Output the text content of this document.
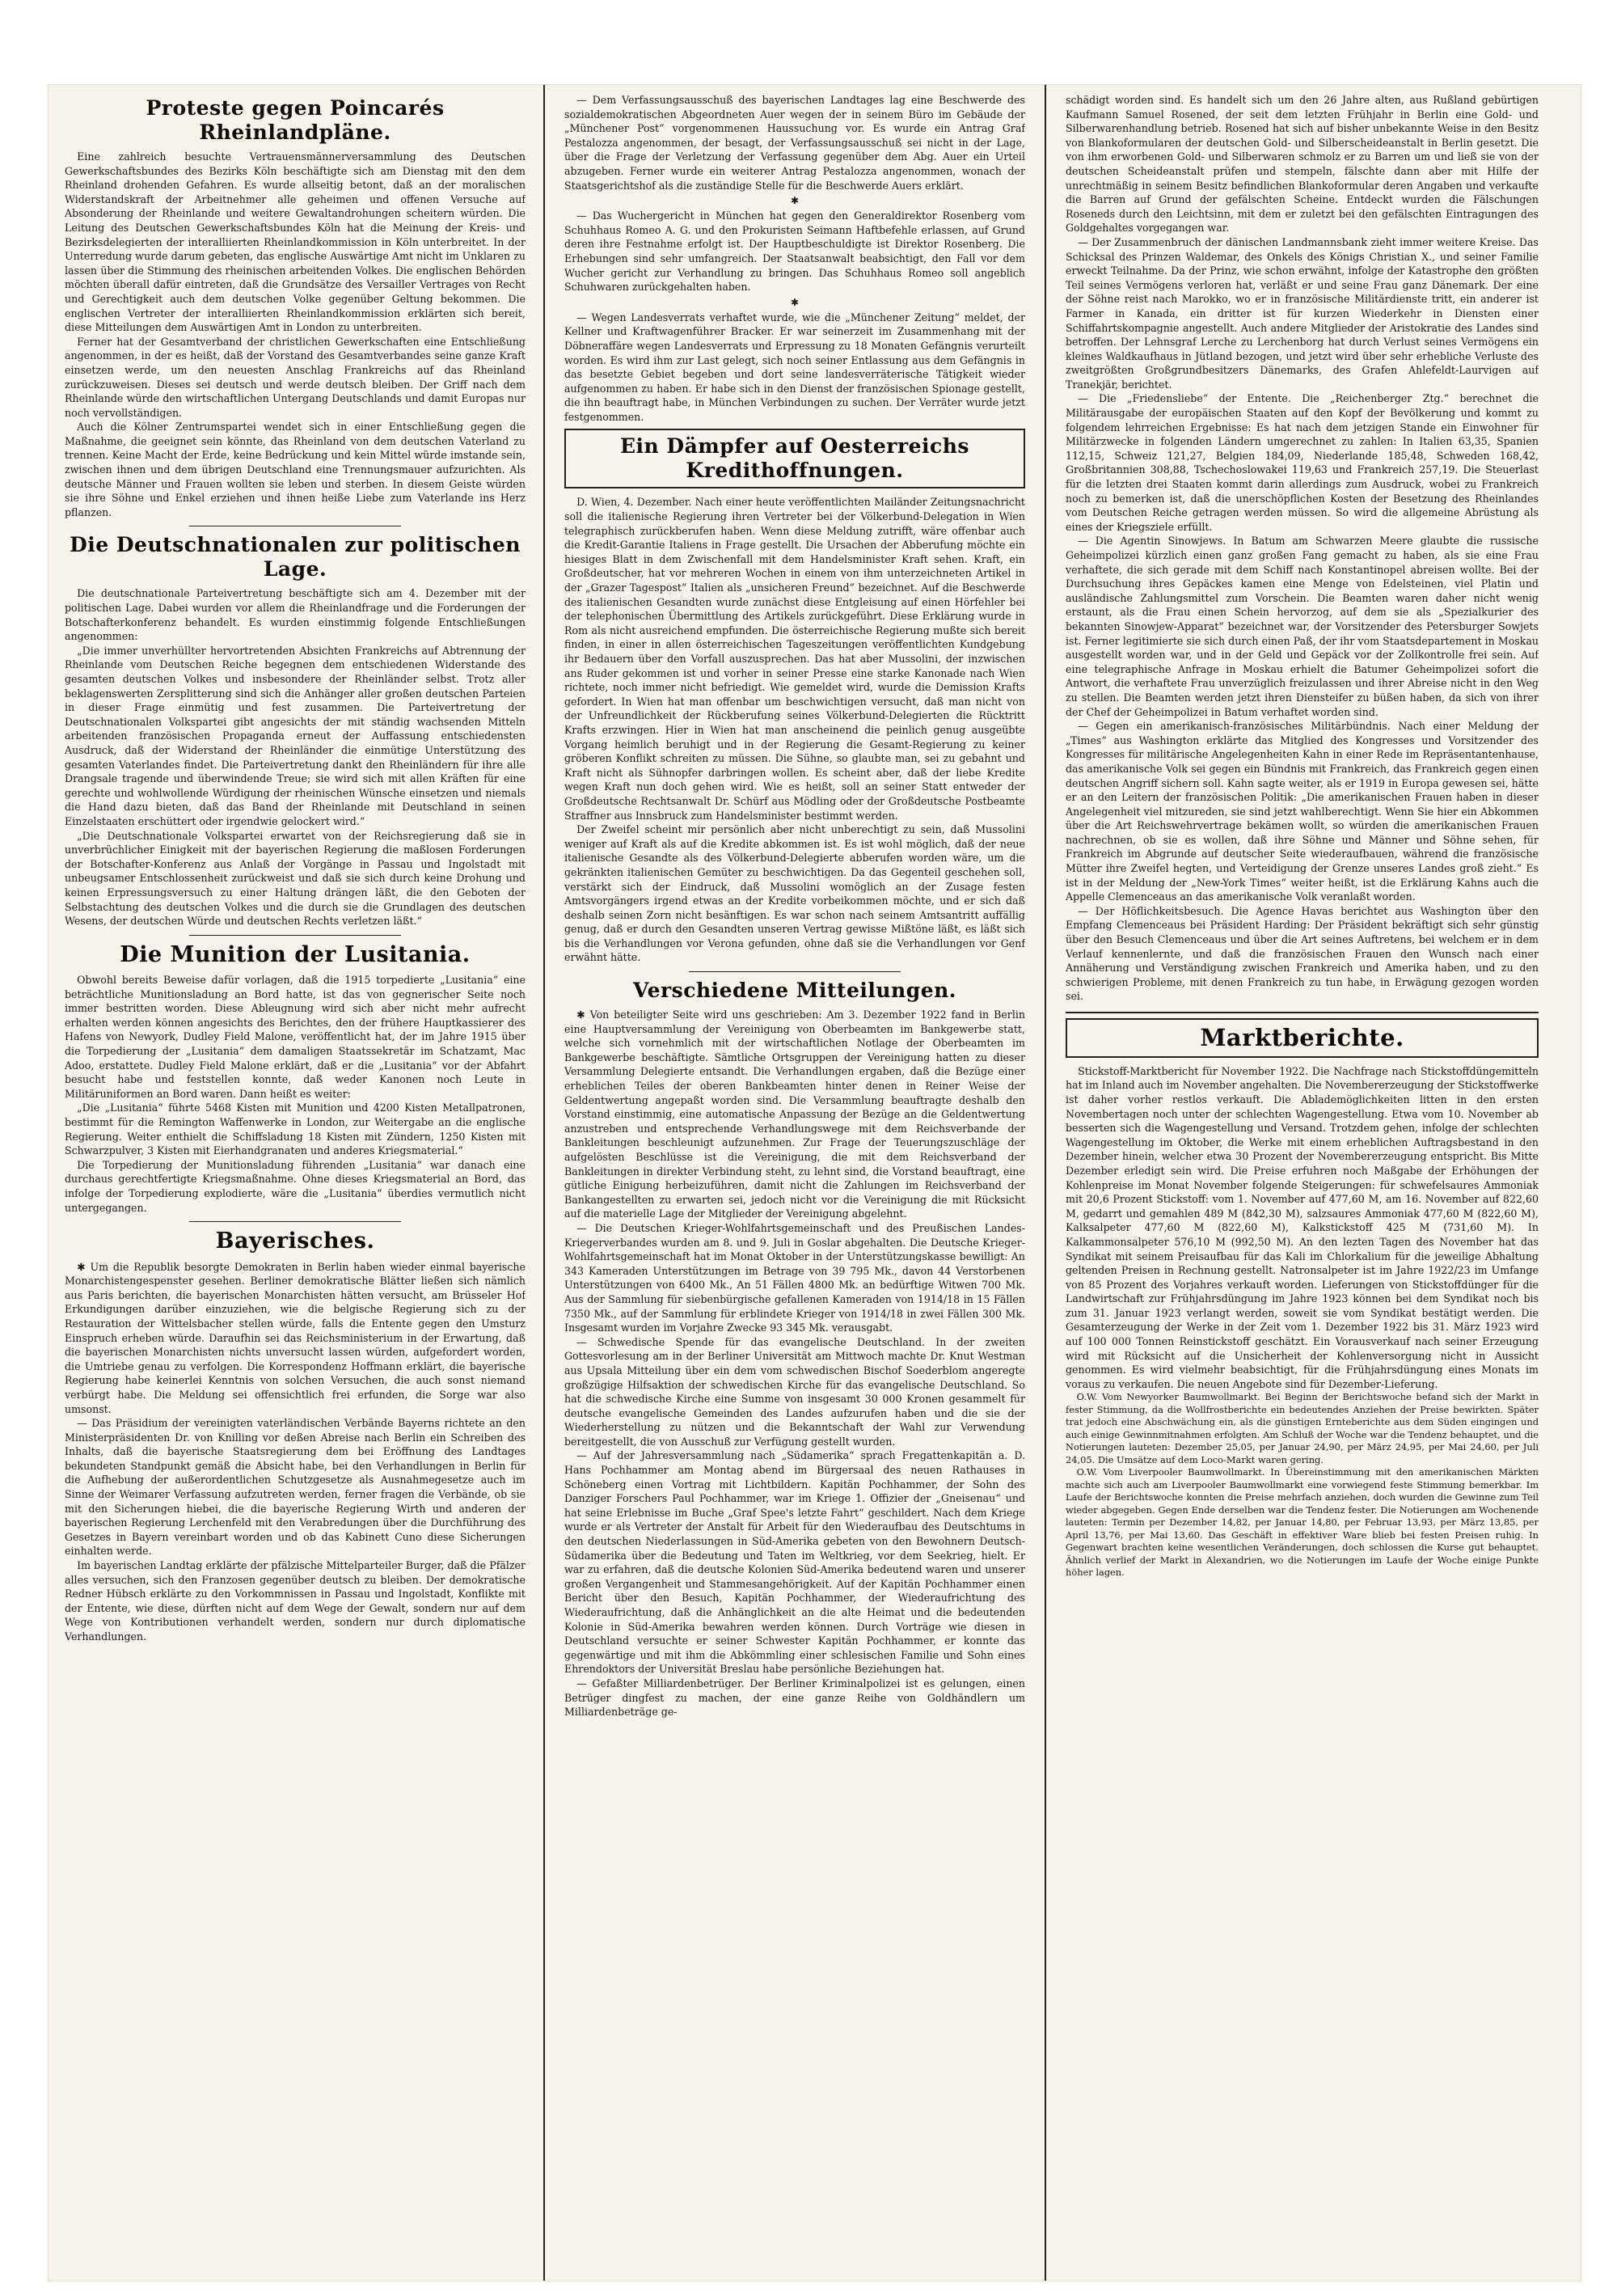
Proteste gegen Poincarés Rheinlandpläne.

Eine zahlreich besuchte Vertrauensmännerversammlung des Deutschen Gewerkschaftsbundes des Bezirks Köln beschäftigte sich am Dienstag mit den dem Rheinland drohenden Gefahren. Es wurde allseitig betont, daß an der moralischen Widerstandskraft der Arbeitnehmer alle geheimen und offenen Versuche auf Absonderung der Rheinlande und weitere Gewaltandrohungen scheitern würden. Die Leitung des Deutschen Gewerkschaftsbundes Köln hat die Meinung der Kreis- und Bezirksdelegierten der interalliierten Rheinlandkommission in Köln unterbreitet. In der Unterredung wurde darum gebeten, das englische Auswärtige Amt nicht im Unklaren zu lassen über die Stimmung des rheinischen arbeitenden Volkes. Die englischen Behörden möchten überall dafür eintreten, daß die Grundsätze des Versailler Vertrages von Recht und Gerechtigkeit auch dem deutschen Volke gegenüber Geltung bekommen. Die englischen Vertreter der interalliierten Rheinlandkommission erklärten sich bereit, diese Mitteilungen dem Auswärtigen Amt in London zu unterbreiten.

Ferner hat der Gesamtverband der christlichen Gewerkschaften eine Entschließung angenommen, in der es heißt, daß der Vorstand des Gesamtverbandes seine ganze Kraft einsetzen werde, um den neuesten Anschlag Frankreichs auf das Rheinland zurückzuweisen. Dieses sei deutsch und werde deutsch bleiben. Der Griff nach dem Rheinlande würde den wirtschaftlichen Untergang Deutschlands und damit Europas nur noch vervollständigen.

Auch die Kölner Zentrumspartei wendet sich in einer Entschließung gegen die Maßnahme, die geeignet sein könnte, das Rheinland von dem deutschen Vaterland zu trennen. Keine Macht der Erde, keine Bedrückung und kein Mittel würde imstande sein, zwischen ihnen und dem übrigen Deutschland eine Trennungsmauer aufzurichten. Als deutsche Männer und Frauen wollten sie leben und sterben. In diesem Geiste würden sie ihre Söhne und Enkel erziehen und ihnen heiße Liebe zum Vaterlande ins Herz pflanzen.

Die Deutschnationalen zur politischen Lage.

Die deutschnationale Parteivertretung beschäftigte sich am 4. Dezember mit der politischen Lage. Dabei wurden vor allem die Rheinlandfrage und die Forderungen der Botschafterkonferenz behandelt. Es wurden einstimmig folgende Entschließungen angenommen:

„Die immer unverhüllter hervortretenden Absichten Frankreichs auf Abtrennung der Rheinlande vom Deutschen Reiche begegnen dem entschiedenen Widerstande des gesamten deutschen Volkes und insbesondere der Rheinländer selbst. Trotz aller beklagenswerten Zersplitterung sind sich die Anhänger aller großen deutschen Parteien in dieser Frage einmütig und fest zusammen. Die Parteivertretung der Deutschnationalen Volkspartei gibt angesichts der mit ständig wachsenden Mitteln arbeitenden französischen Propaganda erneut der Auffassung entschiedensten Ausdruck, daß der Widerstand der Rheinländer die einmütige Unterstützung des gesamten Vaterlandes findet. Die Parteivertretung dankt den Rheinländern für ihre alle Drangsale tragende und überwindende Treue; sie wird sich mit allen Kräften für eine gerechte und wohlwollende Würdigung der rheinischen Wünsche einsetzen und niemals die Hand dazu bieten, daß das Band der Rheinlande mit Deutschland in seinen Einzelstaaten erschüttert oder irgendwie gelockert wird.“

„Die Deutschnationale Volkspartei erwartet von der Reichsregierung daß sie in unverbrüchlicher Einigkeit mit der bayerischen Regierung die maßlosen Forderungen der Botschafter-Konferenz aus Anlaß der Vorgänge in Passau und Ingolstadt mit unbeugsamer Entschlossenheit zurückweist und daß sie sich durch keine Drohung und keinen Erpressungsversuch zu einer Haltung drängen läßt, die den Geboten der Selbstachtung des deutschen Volkes und die durch sie die Grundlagen des deutschen Wesens, der deutschen Würde und deutschen Rechts verletzen läßt.“

Die Munition der Lusitania.

Obwohl bereits Beweise dafür vorlagen, daß die 1915 torpedierte „Lusitania“ eine beträchtliche Munitionsladung an Bord hatte, ist das von gegnerischer Seite noch immer bestritten worden. Diese Ableugnung wird sich aber nicht mehr aufrecht erhalten werden können angesichts des Berichtes, den der frühere Hauptkassierer des Hafens von Newyork, Dudley Field Malone, veröffentlicht hat, der im Jahre 1915 über die Torpedierung der „Lusitania“ dem damaligen Staatssekretär im Schatzamt, Mac Adoo, erstattete. Dudley Field Malone erklärt, daß er die „Lusitania“ vor der Abfahrt besucht habe und feststellen konnte, daß weder Kanonen noch Leute in Militäruniformen an Bord waren. Dann heißt es weiter:

„Die „Lusitania“ führte 5468 Kisten mit Munition und 4200 Kisten Metallpatronen, bestimmt für die Remington Waffenwerke in London, zur Weitergabe an die englische Regierung. Weiter enthielt die Schiffsladung 18 Kisten mit Zündern, 1250 Kisten mit Schwarzpulver, 3 Kisten mit Eierhandgranaten und anderes Kriegsmaterial.“

Die Torpedierung der Munitionsladung führenden „Lusitania“ war danach eine durchaus gerechtfertigte Kriegsmaßnahme. Ohne dieses Kriegsmaterial an Bord, das infolge der Torpedierung explodierte, wäre die „Lusitania“ überdies vermutlich nicht untergegangen.

Bayerisches.

✱ Um die Republik besorgte Demokraten in Berlin haben wieder einmal bayerische Monarchistengespenster gesehen. Berliner demokratische Blätter ließen sich nämlich aus Paris berichten, die bayerischen Monarchisten hätten versucht, am Brüsseler Hof Erkundigungen darüber einzuziehen, wie die belgische Regierung sich zu der Restauration der Wittelsbacher stellen würde, falls die Entente gegen den Umsturz Einspruch erheben würde. Daraufhin sei das Reichsministerium in der Erwartung, daß die bayerischen Monarchisten nichts unversucht lassen würden, aufgefordert worden, die Umtriebe genau zu verfolgen. Die Korrespondenz Hoffmann erklärt, die bayerische Regierung habe keinerlei Kenntnis von solchen Versuchen, die auch sonst niemand verbürgt habe. Die Meldung sei offensichtlich frei erfunden, die Sorge war also umsonst.

— Das Präsidium der vereinigten vaterländischen Verbände Bayerns richtete an den Ministerpräsidenten Dr. von Knilling vor deßen Abreise nach Berlin ein Schreiben des Inhalts, daß die bayerische Staatsregierung dem bei Eröffnung des Landtages bekundeten Standpunkt gemäß die Absicht habe, bei den Verhandlungen in Berlin für die Aufhebung der außerordentlichen Schutzgesetze als Ausnahmegesetze auch im Sinne der Weimarer Verfassung aufzutreten werden, ferner fragen die Verbände, ob sie mit den Sicherungen hiebei, die die bayerische Regierung Wirth und anderen der bayerischen Regierung Lerchenfeld mit den Verabredungen über die Durchführung des Gesetzes in Bayern vereinbart worden und ob das Kabinett Cuno diese Sicherungen einhalten werde.

Im bayerischen Landtag erklärte der pfälzische Mittelparteiler Burger, daß die Pfälzer alles versuchen, sich den Franzosen gegenüber deutsch zu bleiben. Der demokratische Redner Hübsch erklärte zu den Vorkommnissen in Passau und Ingolstadt, Konflikte mit der Entente, wie diese, dürften nicht auf dem Wege der Gewalt, sondern nur auf dem Wege von Kontributionen verhandelt werden, sondern nur durch diplomatische Verhandlungen.

— Dem Verfassungsausschuß des bayerischen Landtages lag eine Beschwerde des sozialdemokratischen Abgeordneten Auer wegen der in seinem Büro im Gebäude der „Münchener Post“ vorgenommenen Haussuchung vor. Es wurde ein Antrag Graf Pestalozza angenommen, der besagt, der Verfassungsausschuß sei nicht in der Lage, über die Frage der Verletzung der Verfassung gegenüber dem Abg. Auer ein Urteil abzugeben. Ferner wurde ein weiterer Antrag Pestalozza angenommen, wonach der Staatsgerichtshof als die zuständige Stelle für die Beschwerde Auers erklärt.

✱

— Das Wuchergericht in München hat gegen den Generaldirektor Rosenberg vom Schuhhaus Romeo A. G. und den Prokuristen Seimann Haftbefehle erlassen, auf Grund deren ihre Festnahme erfolgt ist. Der Hauptbeschuldigte ist Direktor Rosenberg. Die Erhebungen sind sehr umfangreich. Der Staatsanwalt beabsichtigt, den Fall vor dem Wucher gericht zur Verhandlung zu bringen. Das Schuhhaus Romeo soll angeblich Schuhwaren zurückgehalten haben.

✱

— Wegen Landesverrats verhaftet wurde, wie die „Münchener Zeitung“ meldet, der Kellner und Kraftwagenführer Bracker. Er war seinerzeit im Zusammenhang mit der Döbneraffäre wegen Landesverrats und Erpressung zu 18 Monaten Gefängnis verurteilt worden. Es wird ihm zur Last gelegt, sich noch seiner Entlassung aus dem Gefängnis in das besetzte Gebiet begeben und dort seine landesverräterische Tätigkeit wieder aufgenommen zu haben. Er habe sich in den Dienst der französischen Spionage gestellt, die ihn beauftragt habe, in München Verbindungen zu suchen. Der Verräter wurde jetzt festgenommen.

Ein Dämpfer auf Oesterreichs Kredithoffnungen.

D. Wien, 4. Dezember. Nach einer heute veröffentlichten Mailänder Zeitungsnachricht soll die italienische Regierung ihren Vertreter bei der Völkerbund-Delegation in Wien telegraphisch zurückberufen haben. Wenn diese Meldung zutrifft, wäre offenbar auch die Kredit-Garantie Italiens in Frage gestellt. Die Ursachen der Abberufung möchte ein hiesiges Blatt in dem Zwischenfall mit dem Handelsminister Kraft sehen. Kraft, ein Großdeutscher, hat vor mehreren Wochen in einem von ihm unterzeichneten Artikel in der „Grazer Tagespost“ Italien als „unsicheren Freund“ bezeichnet. Auf die Beschwerde des italienischen Gesandten wurde zunächst diese Entgleisung auf einen Hörfehler bei der telephonischen Übermittlung des Artikels zurückgeführt. Diese Erklärung wurde in Rom als nicht ausreichend empfunden. Die österreichische Regierung mußte sich bereit finden, in einer in allen österreichischen Tageszeitungen veröffentlichten Kundgebung ihr Bedauern über den Vorfall auszusprechen. Das hat aber Mussolini, der inzwischen ans Ruder gekommen ist und vorher in seiner Presse eine starke Kanonade nach Wien richtete, noch immer nicht befriedigt. Wie gemeldet wird, wurde die Demission Krafts gefordert. In Wien hat man offenbar um beschwichtigen versucht, daß man nicht von der Unfreundlichkeit der Rückberufung seines Völkerbund-Delegierten die Rücktritt Krafts erzwingen. Hier in Wien hat man anscheinend die peinlich genug ausgeübte Vorgang heimlich beruhigt und in der Regierung die Gesamt-Regierung zu keiner gröberen Konflikt schreiten zu müssen. Die Sühne, so glaubte man, sei zu gebahnt und Kraft nicht als Sühnopfer darbringen wollen. Es scheint aber, daß der liebe Kredite wegen Kraft nun doch gehen wird. Wie es heißt, soll an seiner Statt entweder der Großdeutsche Rechtsanwalt Dr. Schürf aus Mödling oder der Großdeutsche Postbeamte Straffner aus Innsbruck zum Handelsminister bestimmt werden.

Der Zweifel scheint mir persönlich aber nicht unberechtigt zu sein, daß Mussolini weniger auf Kraft als auf die Kredite abkommen ist. Es ist wohl möglich, daß der neue italienische Gesandte als des Völkerbund-Delegierte abberufen worden wäre, um die gekränkten italienischen Gemüter zu beschwichtigen. Da das Gegenteil geschehen soll, verstärkt sich der Eindruck, daß Mussolini womöglich an der Zusage festen Amtsvorgängers irgend etwas an der Kredite vorbeikommen möchte, und er sich daß deshalb seinen Zorn nicht besänftigen. Es war schon nach seinem Amtsantritt auffällig genug, daß er durch den Gesandten unseren Vertrag gewisse Mißtöne läßt, es läßt sich bis die Verhandlungen vor Verona gefunden, ohne daß sie die Verhandlungen vor Genf erwähnt hätte.

Verschiedene Mitteilungen.

✱ Von beteiligter Seite wird uns geschrieben: Am 3. Dezember 1922 fand in Berlin eine Hauptversammlung der Vereinigung von Oberbeamten im Bankgewerbe statt, welche sich vornehmlich mit der wirtschaftlichen Notlage der Oberbeamten im Bankgewerbe beschäftigte. Sämtliche Ortsgruppen der Vereinigung hatten zu dieser Versammlung Delegierte entsandt. Die Verhandlungen ergaben, daß die Bezüge einer erheblichen Teiles der oberen Bankbeamten hinter denen in Reiner Weise der Geldentwertung angepaßt worden sind. Die Versammlung beauftragte deshalb den Vorstand einstimmig, eine automatische Anpassung der Bezüge an die Geldentwertung anzustreben und entsprechende Verhandlungswege mit dem Reichsverbande der Bankleitungen beschleunigt aufzunehmen. Zur Frage der Teuerungszuschläge der aufgelösten Beschlüsse ist die Vereinigung, die mit dem Reichsverband der Bankleitungen in direkter Verbindung steht, zu lehnt sind, die Vorstand beauftragt, eine gütliche Einigung herbeizuführen, damit nicht die Zahlungen im Reichsverband der Bankangestellten zu erwarten sei, jedoch nicht vor die Vereinigung die mit Rücksicht auf die materielle Lage der Mitglieder der Vereinigung abgelehnt.

— Die Deutschen Krieger-Wohlfahrtsgemeinschaft und des Preußischen Landes-Kriegerverbandes wurden am 8. und 9. Juli in Goslar abgehalten. Die Deutsche Krieger-Wohlfahrtsgemeinschaft hat im Monat Oktober in der Unterstützungskasse bewilligt: An 343 Kameraden Unterstützungen im Betrage von 39 795 Mk., davon 44 Verstorbenen Unterstützungen von 6400 Mk., An 51 Fällen 4800 Mk. an bedürftige Witwen 700 Mk. Aus der Sammlung für siebenbürgische gefallenen Kameraden von 1914/18 in 15 Fällen 7350 Mk., auf der Sammlung für erblindete Krieger von 1914/18 in zwei Fällen 300 Mk. Insgesamt wurden im Vorjahre Zwecke 93 345 Mk. verausgabt.

— Schwedische Spende für das evangelische Deutschland. In der zweiten Gottesvorlesung am in der Berliner Universität am Mittwoch machte Dr. Knut Westman aus Upsala Mitteilung über ein dem vom schwedischen Bischof Soederblom angeregte großzügige Hilfsaktion der schwedischen Kirche für das evangelische Deutschland. So hat die schwedische Kirche eine Summe von insgesamt 30 000 Kronen gesammelt für deutsche evangelische Gemeinden des Landes aufzurufen haben und die sie der Wiederherstellung zu nützen und die Bekanntschaft der Wahl zur Verwendung bereitgestellt, die von Ausschuß zur Verfügung gestellt wurden.

— Auf der Jahresversammlung nach „Südamerika“ sprach Fregattenkapitän a. D. Hans Pochhammer am Montag abend im Bürgersaal des neuen Rathauses in Schöneberg einen Vortrag mit Lichtbildern. Kapitän Pochhammer, der Sohn des Danziger Forschers Paul Pochhammer, war im Kriege 1. Offizier der „Gneisenau“ und hat seine Erlebnisse im Buche „Graf Spee's letzte Fahrt“ geschildert. Nach dem Kriege wurde er als Vertreter der Anstalt für Arbeit für den Wiederaufbau des Deutschtums in den deutschen Niederlassungen in Süd-Amerika gebeten von den Bewohnern Deutsch-Südamerika über die Bedeutung und Taten im Weltkrieg, vor dem Seekrieg, hielt. Er war zu erfahren, daß die deutsche Kolonien Süd-Amerika bedeutend waren und unserer großen Vergangenheit und Stammesangehörigkeit. Auf der Kapitän Pochhammer einen Bericht über den Besuch, Kapitän Pochhammer, der Wiederaufrichtung des Wiederaufrichtung, daß die Anhänglichkeit an die alte Heimat und die bedeutenden Kolonie in Süd-Amerika bewahren werden können. Durch Vorträge wie diesen in Deutschland versuchte er seiner Schwester Kapitän Pochhammer, er konnte das gegenwärtige und mit ihm die Abkömmling einer schlesischen Familie und Sohn eines Ehrendoktors der Universität Breslau habe persönliche Beziehungen hat.

— Gefaßter Milliardenbetrüger. Der Berliner Kriminalpolizei ist es gelungen, einen Betrüger dingfest zu machen, der eine ganze Reihe von Goldhändlern um Milliardenbeträge ge-

schädigt worden sind. Es handelt sich um den 26 Jahre alten, aus Rußland gebürtigen Kaufmann Samuel Rosened, der seit dem letzten Frühjahr in Berlin eine Gold- und Silberwarenhandlung betrieb. Rosened hat sich auf bisher unbekannte Weise in den Besitz von Blankoformularen der deutschen Gold- und Silberscheideanstalt in Berlin gesetzt. Die von ihm erworbenen Gold- und Silberwaren schmolz er zu Barren um und ließ sie von der deutschen Scheideanstalt prüfen und stempeln, fälschte dann aber mit Hilfe der unrechtmäßig in seinem Besitz befindlichen Blankoformular deren Angaben und verkaufte die Barren auf Grund der gefälschten Scheine. Entdeckt wurden die Fälschungen Roseneds durch den Leichtsinn, mit dem er zuletzt bei den gefälschten Eintragungen des Goldgehaltes vorgegangen war.

— Der Zusammenbruch der dänischen Landmannsbank zieht immer weitere Kreise. Das Schicksal des Prinzen Waldemar, des Onkels des Königs Christian X., und seiner Familie erweckt Teilnahme. Da der Prinz, wie schon erwähnt, infolge der Katastrophe den größten Teil seines Vermögens verloren hat, verläßt er und seine Frau ganz Dänemark. Der eine der Söhne reist nach Marokko, wo er in französische Militärdienste tritt, ein anderer ist Farmer in Kanada, ein dritter ist für kurzen Wiederkehr in Diensten einer Schiffahrtskompagnie angestellt. Auch andere Mitglieder der Aristokratie des Landes sind betroffen. Der Lehnsgraf Lerche zu Lerchenborg hat durch Verlust seines Vermögens ein kleines Waldkaufhaus in Jütland bezogen, und jetzt wird über sehr erhebliche Verluste des zweitgrößten Großgrundbesitzers Dänemarks, des Grafen Ahlefeldt-Laurvigen auf Tranekjär, berichtet.

— Die „Friedensliebe“ der Entente. Die „Reichenberger Ztg.“ berechnet die Militärausgabe der europäischen Staaten auf den Kopf der Bevölkerung und kommt zu folgendem lehrreichen Ergebnisse: Es hat nach dem jetzigen Stande ein Einwohner für Militärzwecke in folgenden Ländern umgerechnet zu zahlen: In Italien 63,35, Spanien 112,15, Schweiz 121,27, Belgien 184,09, Niederlande 185,48, Schweden 168,42, Großbritannien 308,88, Tschechoslowakei 119,63 und Frankreich 257,19. Die Steuerlast für die letzten drei Staaten kommt darin allerdings zum Ausdruck, wobei zu Frankreich noch zu bemerken ist, daß die unerschöpflichen Kosten der Besetzung des Rheinlandes vom Deutschen Reiche getragen werden müssen. So wird die allgemeine Abrüstung als eines der Kriegsziele erfüllt.

— Die Agentin Sinowjews. In Batum am Schwarzen Meere glaubte die russische Geheimpolizei kürzlich einen ganz großen Fang gemacht zu haben, als sie eine Frau verhaftete, die sich gerade mit dem Schiff nach Konstantinopel abreisen wollte. Bei der Durchsuchung ihres Gepäckes kamen eine Menge von Edelsteinen, viel Platin und ausländische Zahlungsmittel zum Vorschein. Die Beamten waren daher nicht wenig erstaunt, als die Frau einen Schein hervorzog, auf dem sie als „Spezialkurier des bekannten Sinowjew-Apparat“ bezeichnet war, der Vorsitzender des Petersburger Sowjets ist. Ferner legitimierte sie sich durch einen Paß, der ihr vom Staatsdepartement in Moskau ausgestellt worden war, und in der Geld und Gepäck vor der Zollkontrolle frei sein. Auf eine telegraphische Anfrage in Moskau erhielt die Batumer Geheimpolizei sofort die Antwort, die verhaftete Frau unverzüglich freizulassen und ihrer Abreise nicht in den Weg zu stellen. Die Beamten werden jetzt ihren Diensteifer zu büßen haben, da sich von ihrer der Chef der Geheimpolizei in Batum verhaftet worden sind.

— Gegen ein amerikanisch-französisches Militärbündnis. Nach einer Meldung der „Times“ aus Washington erklärte das Mitglied des Kongresses und Vorsitzender des Kongresses für militärische Angelegenheiten Kahn in einer Rede im Repräsentantenhause, das amerikanische Volk sei gegen ein Bündnis mit Frankreich, das Frankreich gegen einen deutschen Angriff sichern soll. Kahn sagte weiter, als er 1919 in Europa gewesen sei, hätte er an den Leitern der französischen Politik: „Die amerikanischen Frauen haben in dieser Angelegenheit viel mitzureden, sie sind jetzt wahlberechtigt. Wenn Sie hier ein Abkommen über die Art Reichswehrvertrage bekämen wollt, so würden die amerikanischen Frauen nachrechnen, ob sie es wollen, daß ihre Söhne und Männer und Söhne sehen, für Frankreich im Abgrunde auf deutscher Seite wiederaufbauen, während die französische Mütter ihre Zweifel hegten, und Verteidigung der Grenze unseres Landes groß zieht.“ Es ist in der Meldung der „New-York Times“ weiter heißt, ist die Erklärung Kahns auch die Appelle Clemenceaus an das amerikanische Volk veranlaßt worden.

— Der Höflichkeitsbesuch. Die Agence Havas berichtet aus Washington über den Empfang Clemenceaus bei Präsident Harding: Der Präsident bekräftigt sich sehr günstig über den Besuch Clemenceaus und über die Art seines Auftretens, bei welchem er in dem Verlauf kennenlernte, und daß die französischen Frauen den Wunsch nach einer Annäherung und Verständigung zwischen Frankreich und Amerika haben, und zu den schwierigen Probleme, mit denen Frankreich zu tun habe, in Erwägung gezogen worden sei.

Marktberichte.

Stickstoff-Marktbericht für November 1922. Die Nachfrage nach Stickstoffdüngemitteln hat im Inland auch im November angehalten. Die Novembererzeugung der Stickstoffwerke ist daher vorher restlos verkauft. Die Ablademöglichkeiten litten in den ersten Novembertagen noch unter der schlechten Wagengestellung. Etwa vom 10. November ab besserten sich die Wagengestellung und Versand. Trotzdem gehen, infolge der schlechten Wagengestellung im Oktober, die Werke mit einem erheblichen Auftragsbestand in den Dezember hinein, welcher etwa 30 Prozent der Novembererzeugung entspricht. Bis Mitte Dezember erledigt sein wird. Die Preise erfuhren noch Maßgabe der Erhöhungen der Kohlenpreise im Monat November folgende Steigerungen: für schwefelsaures Ammoniak mit 20,6 Prozent Stickstoff: vom 1. November auf 477,60 M, am 16. November auf 822,60 M, gedarrt und gemahlen 489 M (842,30 M), salzsaures Ammoniak 477,60 M (822,60 M), Kalksalpeter 477,60 M (822,60 M), Kalkstickstoff 425 M (731,60 M). In Kalkammonsalpeter 576,10 M (992,50 M). An den lezten Tagen des November hat das Syndikat mit seinem Preisaufbau für das Kali im Chlorkalium für die jeweilige Abhaltung geltenden Preisen in Rechnung gestellt. Natronsalpeter ist im Jahre 1922/23 im Umfange von 85 Prozent des Vorjahres verkauft worden. Lieferungen von Stickstoffdünger für die Landwirtschaft zur Frühjahrsdüngung im Jahre 1923 können bei dem Syndikat noch bis zum 31. Januar 1923 verlangt werden, soweit sie vom Syndikat bestätigt werden. Die Gesamterzeugung der Werke in der Zeit vom 1. Dezember 1922 bis 31. März 1923 wird auf 100 000 Tonnen Reinstickstoff geschätzt. Ein Vorausverkauf nach seiner Erzeugung wird mit Rücksicht auf die Unsicherheit der Kohlenversorgung nicht in Aussicht genommen. Es wird vielmehr beabsichtigt, für die Frühjahrsdüngung eines Monats im voraus zu verkaufen. Die neuen Angebote sind für Dezember-Lieferung.

O.W. Vom Newyorker Baumwollmarkt. Bei Beginn der Berichtswoche befand sich der Markt in fester Stimmung, da die Wollfrostberichte ein bedeutendes Anziehen der Preise bewirkten. Später trat jedoch eine Abschwächung ein, als die günstigen Ernteberichte aus dem Süden eingingen und auch einige Gewinnmitnahmen erfolgten. Am Schluß der Woche war die Tendenz behauptet, und die Notierungen lauteten: Dezember 25,05, per Januar 24,90, per März 24,95, per Mai 24,60, per Juli 24,05. Die Umsätze auf dem Loco-Markt waren gering.

O.W. Vom Liverpooler Baumwollmarkt. In Übereinstimmung mit den amerikanischen Märkten machte sich auch am Liverpooler Baumwollmarkt eine vorwiegend feste Stimmung bemerkbar. Im Laufe der Berichtswoche konnten die Preise mehrfach anziehen, doch wurden die Gewinne zum Teil wieder abgegeben. Gegen Ende derselben war die Tendenz fester. Die Notierungen am Wochenende lauteten: Termin per Dezember 14,82, per Januar 14,80, per Februar 13,93, per März 13,85, per April 13,76, per Mai 13,60. Das Geschäft in effektiver Ware blieb bei festen Preisen ruhig. In Gegenwart brachten keine wesentlichen Veränderungen, doch schlossen die Kurse gut behauptet. Ähnlich verlief der Markt in Alexandrien, wo die Notierungen im Laufe der Woche einige Punkte höher lagen.
